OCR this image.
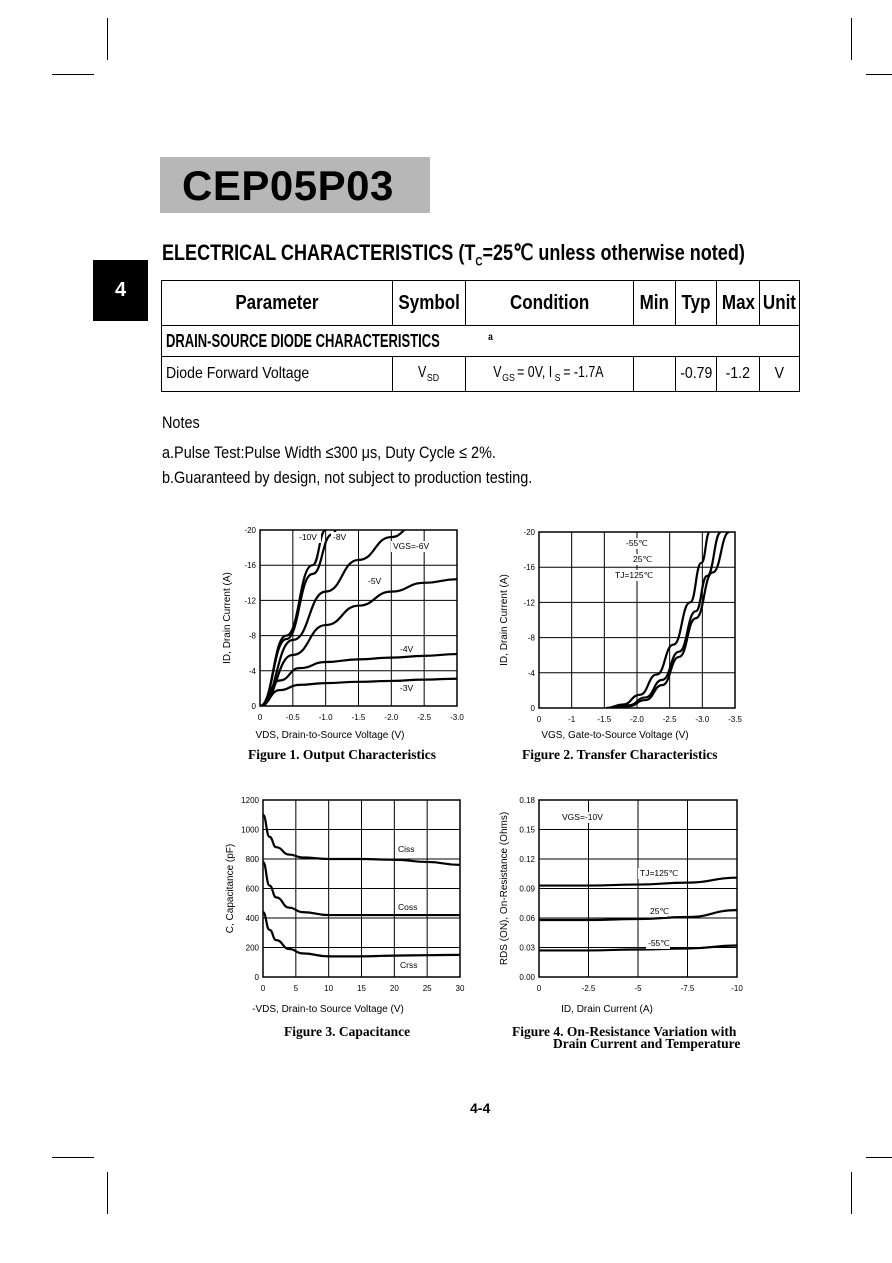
CEP05P03
4
ELECTRICAL CHARACTERISTICS ($T_C=25℃$ unless otherwise noted)
Parameter	Symbol	Condition	Min	Typ	Max	Unit
DRAIN-SOURCE DIODE CHARACTERISTICS $^a$
Diode Forward Voltage	$V_{SD}$	$V_{GS}= 0V$, I $_S$= -1.7A		-0.79	-1.2	V
Notes
a.Pulse Test:Pulse Width ≤300 μs, Duty Cycle ≤ 2%.
b.Guaranteed by design, not subject to production testing.
0	-0.5 -1.0 -1.5 -2.0 -2.5 -3.0
0
-4
-8
-12
-16
-20
-10V -8V
VGS=-6V
-5V
-4V
-3V
VDS, Drain-to-Source Voltage (V)
ID, Drain Current (A)
0	-1	-1.5 -2.0 -2.5 -3.0 -3.5
0
-4
-8
-12
-16
-20
-55℃
25℃
TJ=125℃
VGS, Gate-to-Source Voltage (V)
ID, Drain Current (A)
0	5	10	15	20	25	30
0
200
400
600
800
1000
1200
Ciss
Coss
Crss
-VDS, Drain-to Source Voltage (V)
C, Capacitance (pF)
0	-2.5	-5	-7.5	-10
0.00
0.03
0.06
0.09
0.12
0.15
0.18
VGS=-10V
TJ=125℃
25℃
-55℃
ID, Drain Current (A)
RDS (ON), On-Resistance (Ohms)
Figure 1. Output Characteristics	Figure 2. Transfer Characteristics
Figure 3. Capacitance	Figure 4. On-Resistance Variation with
Drain Current and Temperature
4-4
